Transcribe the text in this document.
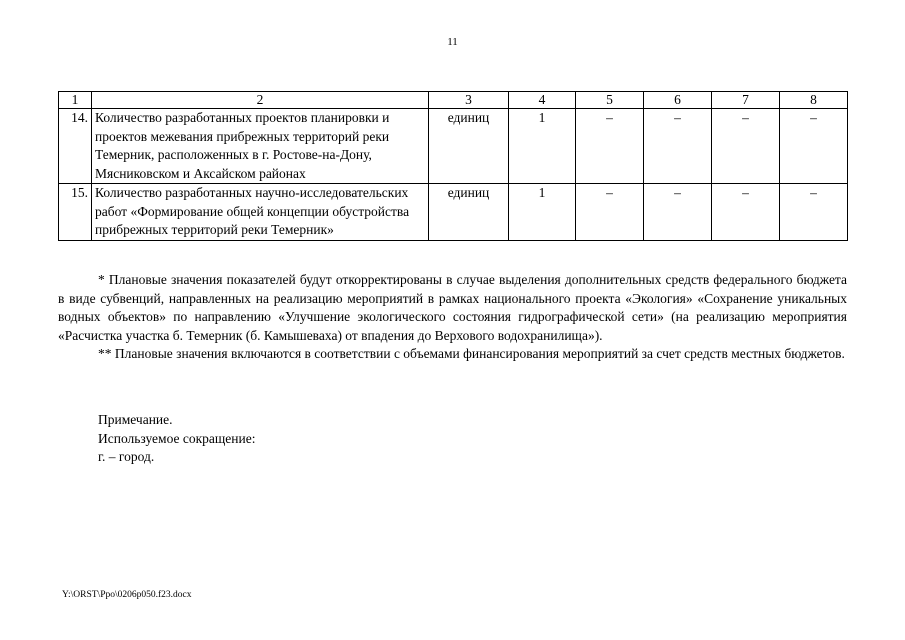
11
1	2	3	4	5	6	7	8
14.	Количество разработанных проектов планировки и проектов межевания прибрежных территорий реки Темерник, расположенных в г. Ростове-на-Дону, Мясниковском и Аксайском районах	единиц	1	–	–	–	–
15.	Количество разработанных научно-исследовательских работ «Формирование общей концепции обустройства прибрежных территорий реки Темерник»	единиц	1	–	–	–	–

* Плановые значения показателей будут откорректированы в случае выделения дополнительных средств федерального бюджета в виде субвенций, направленных на реализацию мероприятий в рамках национального проекта «Экология» «Сохранение уникальных водных объектов» по направлению «Улучшение экологического состояния гидрографической сети» (на реализацию мероприятия «Расчистка участка б. Темерник (б. Камышеваха) от впадения до Верхового водохранилища»).

** Плановые значения включаются в соответствии с объемами финансирования мероприятий за счет средств местных бюджетов.

Примечание.
Используемое сокращение:
г. – город.
Y:\ORST\Ppo\0206p050.f23.docx
